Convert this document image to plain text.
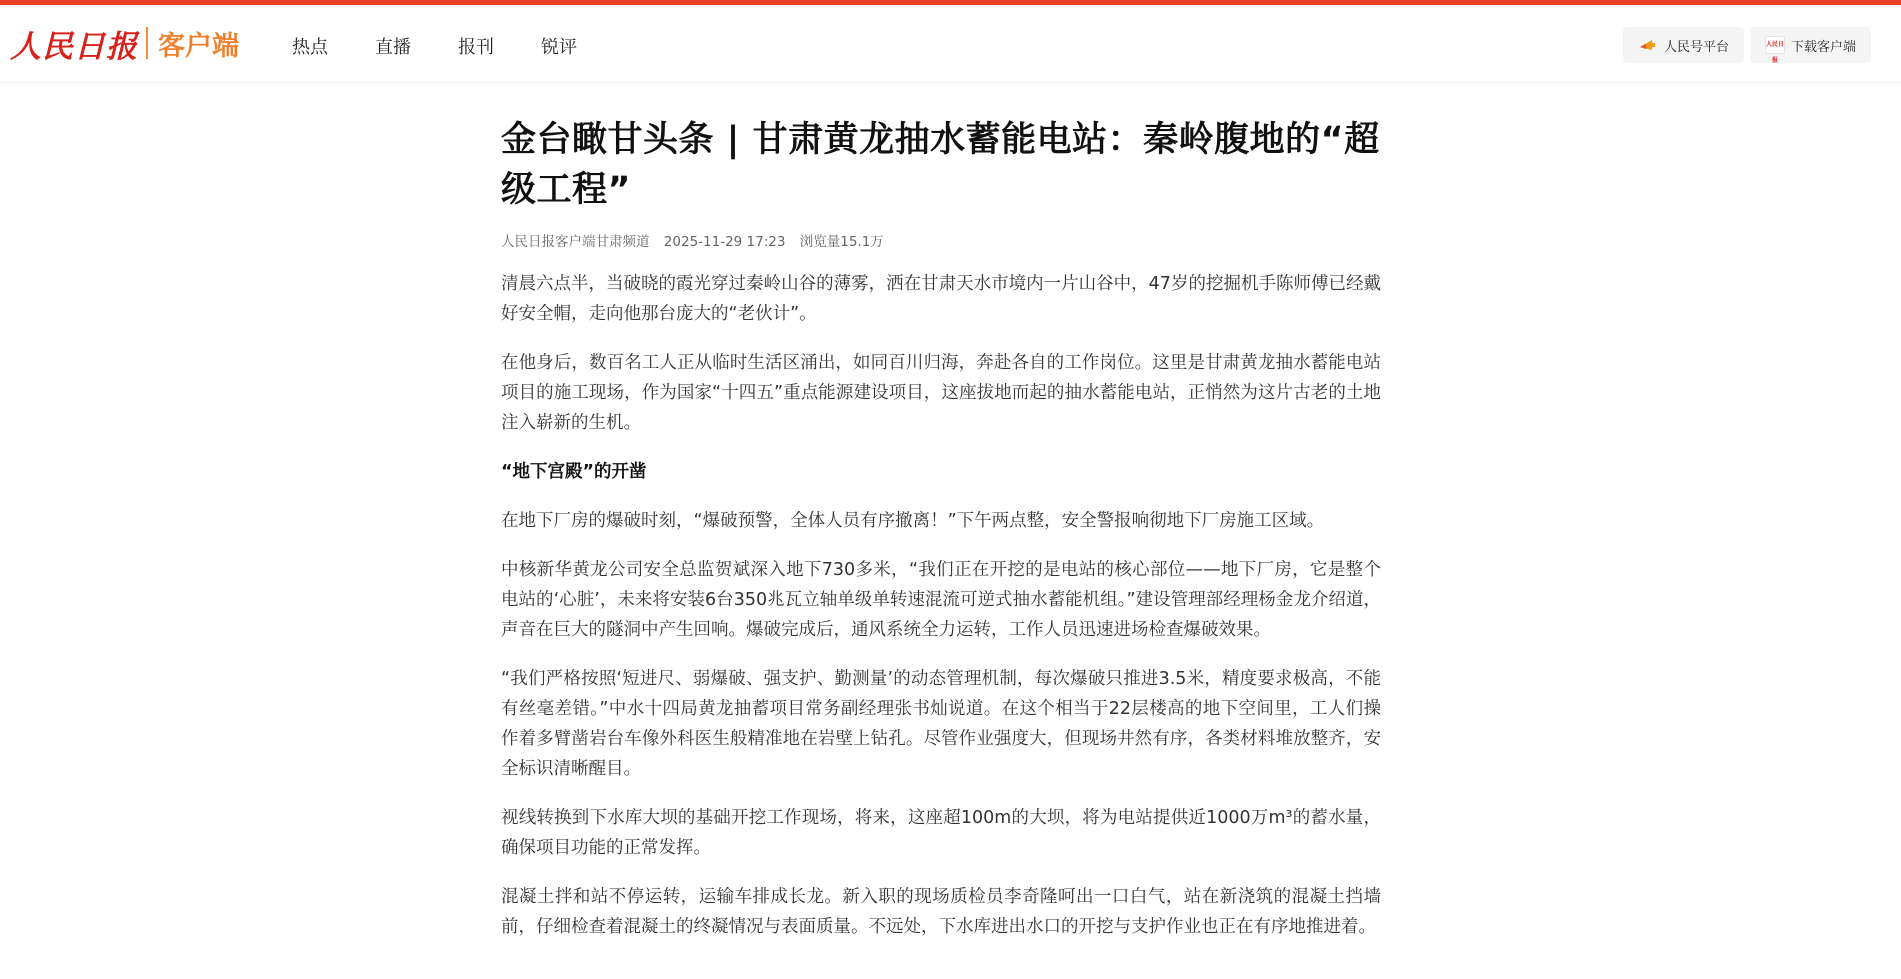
人民日报 客户端	热点	直播	报刊	锐评	人民号平台	人民日报
下载客户端
金台瞰甘头条 | 甘肃黄龙抽水蓄能电站：秦岭腹地的“超级工程”
人民日报客户端甘肃频道 2025-11-29 17:23 浏览量15.1万

清晨六点半，当破晓的霞光穿过秦岭山谷的薄雾，洒在甘肃天水市境内一片山谷中，47岁的挖掘机手陈师傅已经戴好安全帽，走向他那台庞大的“老伙计”。

在他身后，数百名工人正从临时生活区涌出，如同百川归海，奔赴各自的工作岗位。这里是甘肃黄龙抽水蓄能电站项目的施工现场，作为国家“十四五”重点能源建设项目，这座拔地而起的抽水蓄能电站，正悄然为这片古老的土地注入崭新的生机。

“地下宫殿”的开凿

在地下厂房的爆破时刻，“爆破预警，全体人员有序撤离！”下午两点整，安全警报响彻地下厂房施工区域。

中核新华黄龙公司安全总监贺斌深入地下730多米，“我们正在开挖的是电站的核心部位——地下厂房，它是整个电站的‘心脏’，未来将安装6台350兆瓦立轴单级单转速混流可逆式抽水蓄能机组。”建设管理部经理杨金龙介绍道，声音在巨大的隧洞中产生回响。爆破完成后，通风系统全力运转，工作人员迅速进场检查爆破效果。

“我们严格按照‘短进尺、弱爆破、强支护、勤测量’的动态管理机制，每次爆破只推进3.5米，精度要求极高，不能有丝毫差错。”中水十四局黄龙抽蓄项目常务副经理张书灿说道。在这个相当于22层楼高的地下空间里，工人们操作着多臂凿岩台车像外科医生般精准地在岩壁上钻孔。尽管作业强度大，但现场井然有序，各类材料堆放整齐，安全标识清晰醒目。

视线转换到下水库大坝的基础开挖工作现场，将来，这座超100m的大坝，将为电站提供近1000万m³的蓄水量，确保项目功能的正常发挥。

混凝土拌和站不停运转，运输车排成长龙。新入职的现场质检员李奇隆呵出一口白气，站在新浇筑的混凝土挡墙前，仔细检查着混凝土的终凝情况与表面质量。不远处，下水库进出水口的开挖与支护作业也正在有序地推进着。
